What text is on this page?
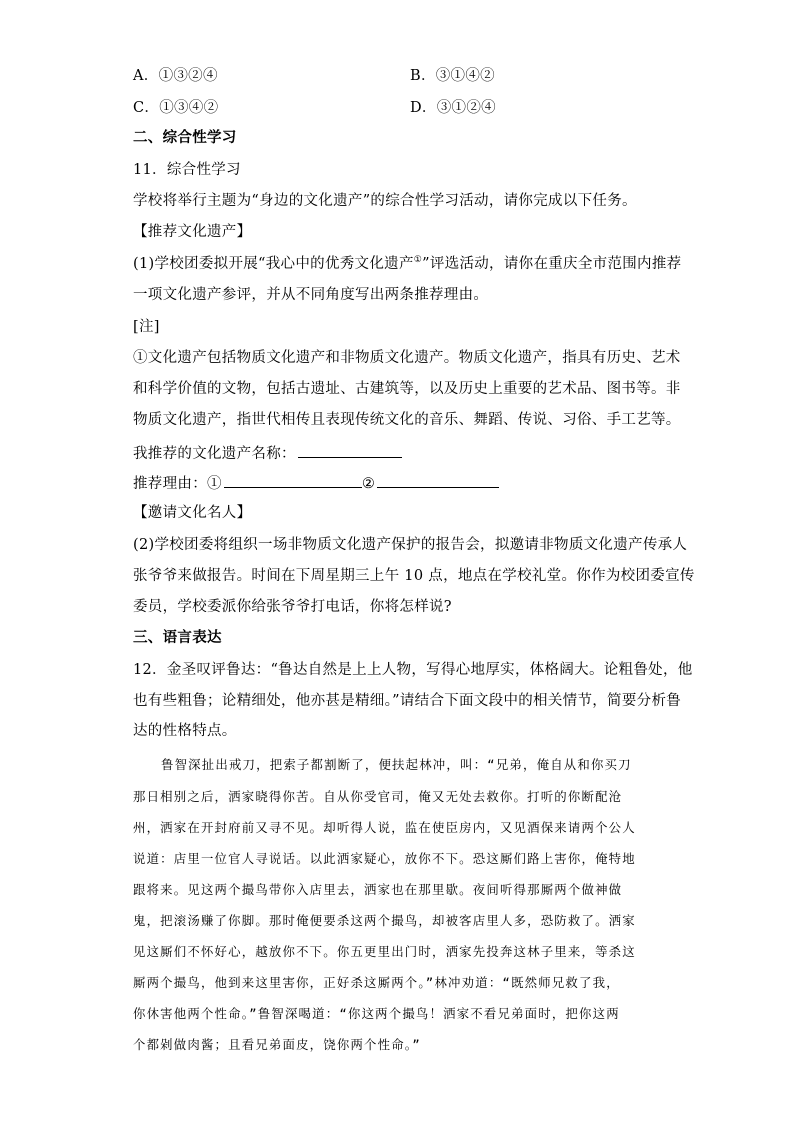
A．①③②④	B．③①④②
C．①③④②	D．③①②④
二、综合性学习
11．综合性学习
学校将举行主题为“身边的文化遗产”的综合性学习活动，请你完成以下任务。
【推荐文化遗产】
(1)学校团委拟开展“我心中的优秀文化遗产①”评选活动，请你在重庆全市范围内推荐
一项文化遗产参评，并从不同角度写出两条推荐理由。
[注]
①文化遗产包括物质文化遗产和非物质文化遗产。物质文化遗产，指具有历史、艺术
和科学价值的文物，包括古遗址、古建筑等，以及历史上重要的艺术品、图书等。非
物质文化遗产，指世代相传且表现传统文化的音乐、舞蹈、传说、习俗、手工艺等。
我推荐的文化遗产名称：
推荐理由：①	②
【邀请文化名人】
(2)学校团委将组织一场非物质文化遗产保护的报告会，拟邀请非物质文化遗产传承人
张爷爷来做报告。时间在下周星期三上午 10 点，地点在学校礼堂。你作为校团委宣传
委员，学校委派你给张爷爷打电话，你将怎样说?
三、语言表达
12．金圣叹评鲁达：“鲁达自然是上上人物，写得心地厚实，体格阔大。论粗鲁处，他
也有些粗鲁；论精细处，他亦甚是精细。”请结合下面文段中的相关情节，简要分析鲁
达的性格特点。
鲁智深扯出戒刀，把索子都割断了，便扶起林冲，叫：“兄弟，俺自从和你买刀
那日相别之后，洒家晓得你苦。自从你受官司，俺又无处去救你。打听的你断配沧
州，洒家在开封府前又寻不见。却听得人说，监在使臣房内，又见酒保来请两个公人
说道：店里一位官人寻说话。以此洒家疑心，放你不下。恐这厮们路上害你，俺特地
跟将来。见这两个撮鸟带你入店里去，洒家也在那里歇。夜间听得那厮两个做神做
鬼，把滚汤赚了你脚。那时俺便要杀这两个撮鸟，却被客店里人多，恐防救了。洒家
见这厮们不怀好心，越放你不下。你五更里出门时，洒家先投奔这林子里来，等杀这
厮两个撮鸟，他到来这里害你，正好杀这厮两个。”林冲劝道：“既然师兄救了我，
你休害他两个性命。”鲁智深喝道：“你这两个撮鸟！洒家不看兄弟面时，把你这两
个都剁做肉酱；且看兄弟面皮，饶你两个性命。”
